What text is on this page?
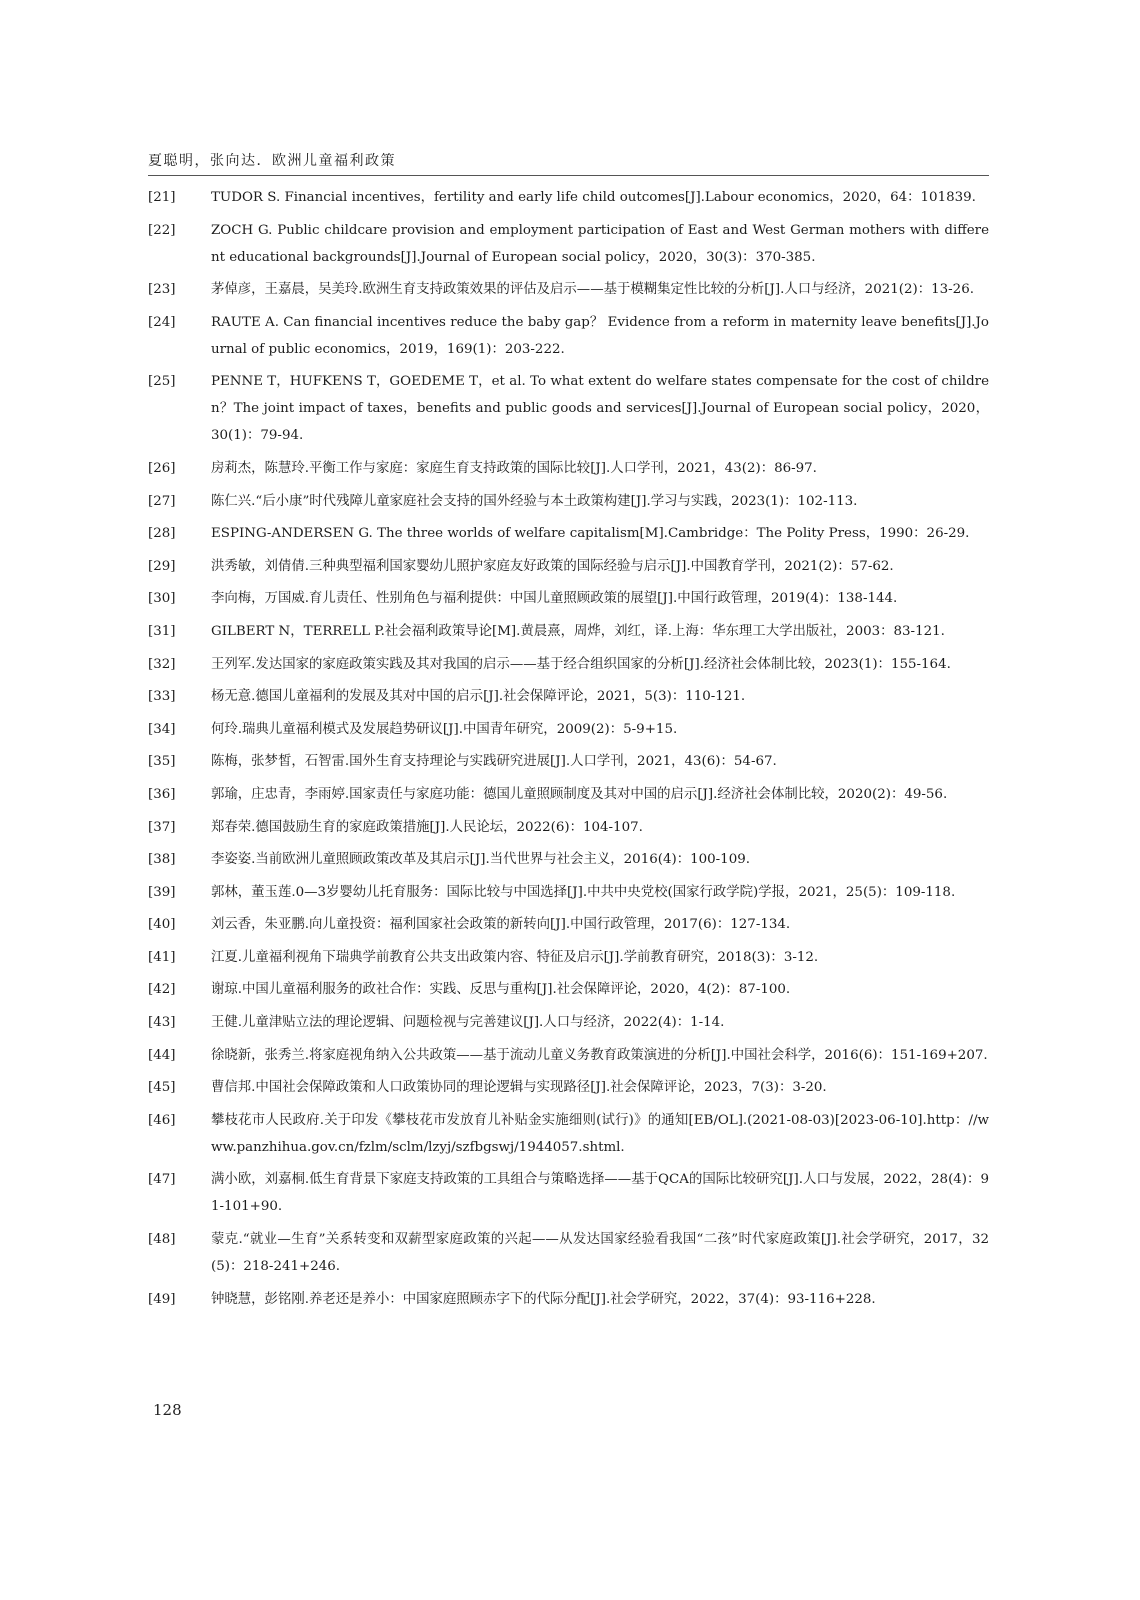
夏聪明，张向达．欧洲儿童福利政策
[21]	TUDOR S. Financial incentives，fertility and early life child outcomes[J].Labour economics，2020，64：101839.
[22]	ZOCH G. Public childcare provision and employment participation of East and West German mothers with different educational backgrounds[J].Journal of European social policy，2020，30(3)：370-385.
[23]	茅倬彦，王嘉晨，吴美玲.欧洲生育支持政策效果的评估及启示——基于模糊集定性比较的分析[J].人口与经济，2021(2)：13-26.
[24]	RAUTE A. Can financial incentives reduce the baby gap？ Evidence from a reform in maternity leave benefits[J].Journal of public economics，2019，169(1)：203-222.
[25]	PENNE T，HUFKENS T，GOEDEME T，et al. To what extent do welfare states compensate for the cost of children？The joint impact of taxes，benefits and public goods and services[J].Journal of European social policy，2020，30(1)：79-94.
[26]	房莉杰，陈慧玲.平衡工作与家庭：家庭生育支持政策的国际比较[J].人口学刊，2021，43(2)：86-97.
[27]	陈仁兴.“后小康”时代残障儿童家庭社会支持的国外经验与本土政策构建[J].学习与实践，2023(1)：102-113.
[28]	ESPING-ANDERSEN G. The three worlds of welfare capitalism[M].Cambridge：The Polity Press，1990：26-29.
[29]	洪秀敏，刘倩倩.三种典型福利国家婴幼儿照护家庭友好政策的国际经验与启示[J].中国教育学刊，2021(2)：57-62.
[30]	李向梅，万国威.育儿责任、性别角色与福利提供：中国儿童照顾政策的展望[J].中国行政管理，2019(4)：138-144.
[31]	GILBERT N，TERRELL P.社会福利政策导论[M].黄晨熹，周烨，刘红，译.上海：华东理工大学出版社，2003：83-121.
[32]	王列军.发达国家的家庭政策实践及其对我国的启示——基于经合组织国家的分析[J].经济社会体制比较，2023(1)：155-164.
[33]	杨无意.德国儿童福利的发展及其对中国的启示[J].社会保障评论，2021，5(3)：110-121.
[34]	何玲.瑞典儿童福利模式及发展趋势研议[J].中国青年研究，2009(2)：5-9+15.
[35]	陈梅，张梦皙，石智雷.国外生育支持理论与实践研究进展[J].人口学刊，2021，43(6)：54-67.
[36]	郭瑜，庄忠青，李雨婷.国家责任与家庭功能：德国儿童照顾制度及其对中国的启示[J].经济社会体制比较，2020(2)：49-56.
[37]	郑春荣.德国鼓励生育的家庭政策措施[J].人民论坛，2022(6)：104-107.
[38]	李姿姿.当前欧洲儿童照顾政策改革及其启示[J].当代世界与社会主义，2016(4)：100-109.
[39]	郭林，董玉莲.0—3岁婴幼儿托育服务：国际比较与中国选择[J].中共中央党校(国家行政学院)学报，2021，25(5)：109-118.
[40]	刘云香，朱亚鹏.向儿童投资：福利国家社会政策的新转向[J].中国行政管理，2017(6)：127-134.
[41]	江夏.儿童福利视角下瑞典学前教育公共支出政策内容、特征及启示[J].学前教育研究，2018(3)：3-12.
[42]	谢琼.中国儿童福利服务的政社合作：实践、反思与重构[J].社会保障评论，2020，4(2)：87-100.
[43]	王健.儿童津贴立法的理论逻辑、问题检视与完善建议[J].人口与经济，2022(4)：1-14.
[44]	徐晓新，张秀兰.将家庭视角纳入公共政策——基于流动儿童义务教育政策演进的分析[J].中国社会科学，2016(6)：151-169+207.
[45]	曹信邦.中国社会保障政策和人口政策协同的理论逻辑与实现路径[J].社会保障评论，2023，7(3)：3-20.
[46]	攀枝花市人民政府.关于印发《攀枝花市发放育儿补贴金实施细则(试行)》的通知[EB/OL].(2021-08-03)[2023-06-10].http：//www.panzhihua.gov.cn/fzlm/sclm/lzyj/szfbgswj/1944057.shtml.
[47]	满小欧，刘嘉桐.低生育背景下家庭支持政策的工具组合与策略选择——基于QCA的国际比较研究[J].人口与发展，2022，28(4)：91-101+90.
[48]	蒙克.“就业—生育”关系转变和双薪型家庭政策的兴起——从发达国家经验看我国“二孩”时代家庭政策[J].社会学研究，2017，32(5)：218-241+246.
[49]	钟晓慧，彭铭刚.养老还是养小：中国家庭照顾赤字下的代际分配[J].社会学研究，2022，37(4)：93-116+228.
128
